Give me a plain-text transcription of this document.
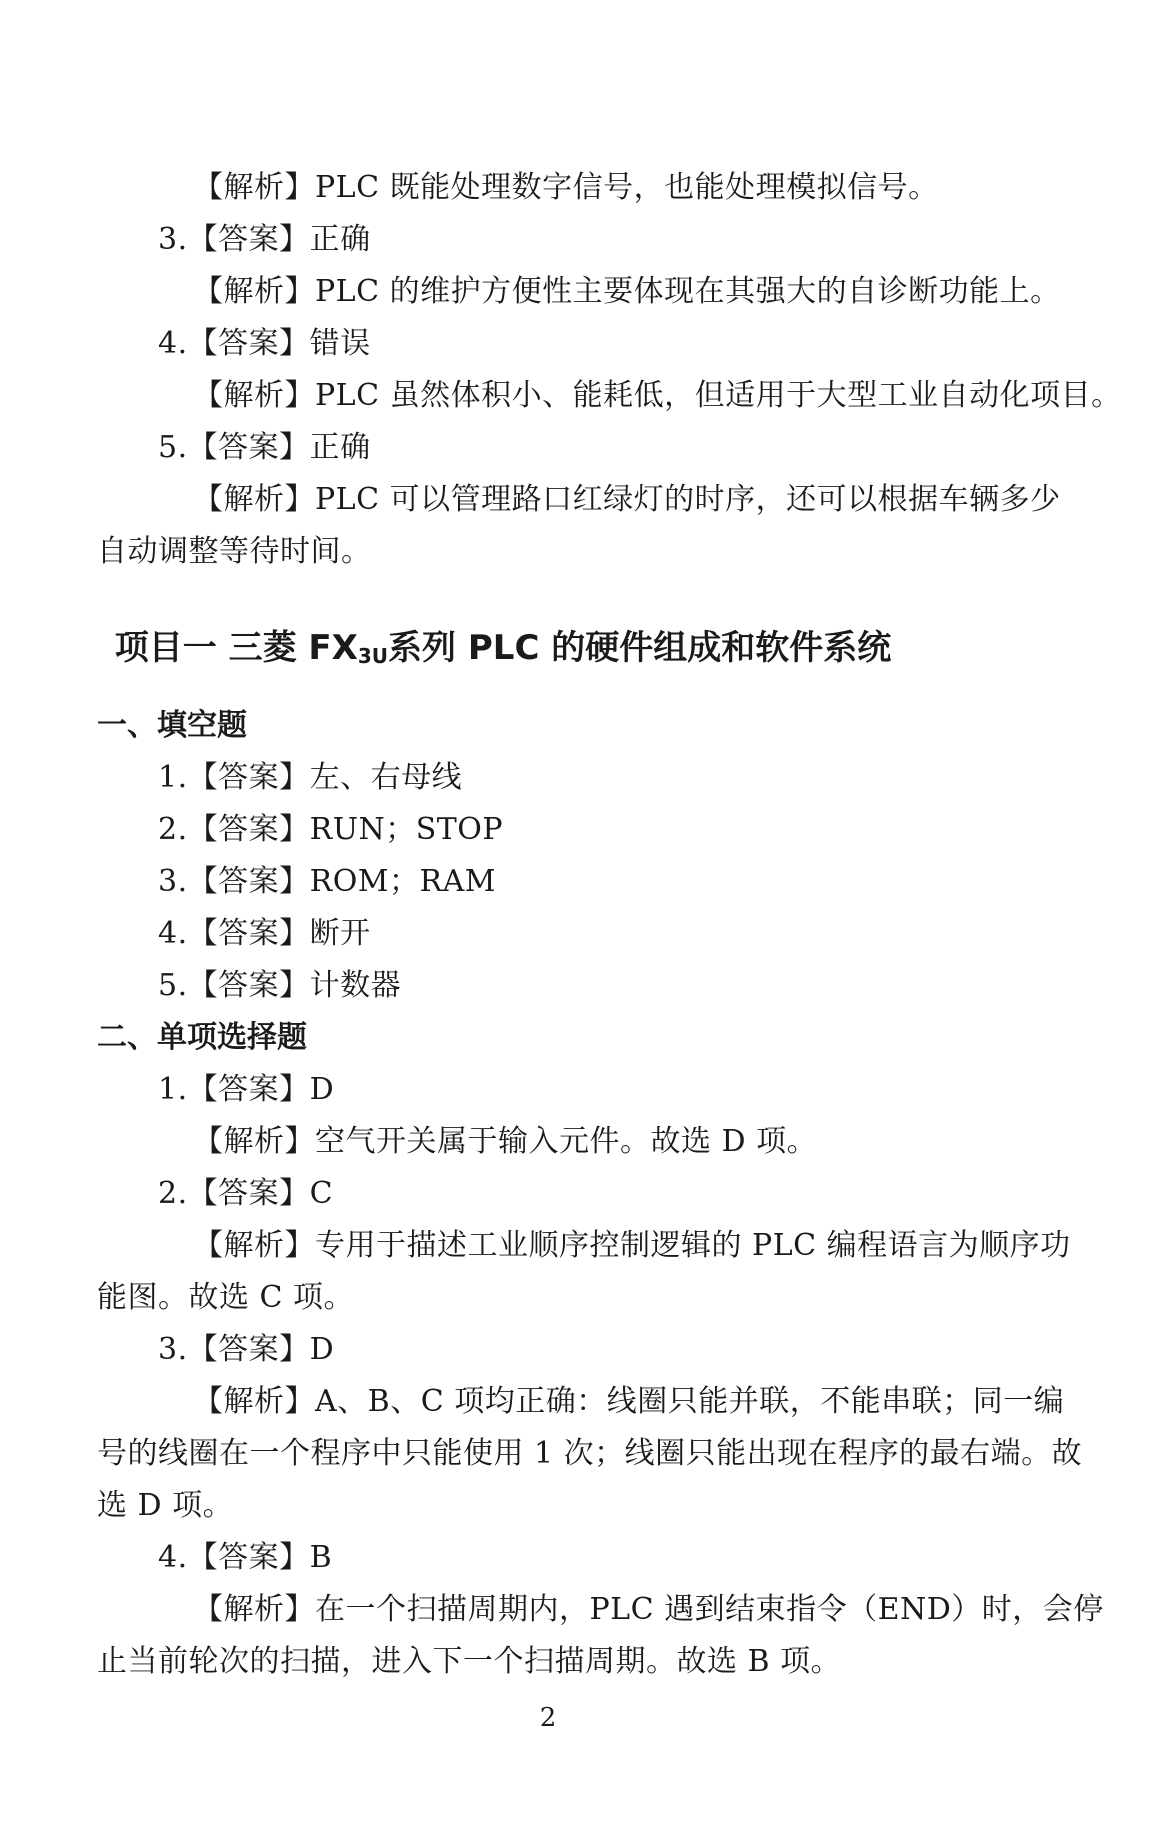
【解析】PLC 既能处理数字信号，也能处理模拟信号。
3.【答案】正确
【解析】PLC 的维护方便性主要体现在其强大的自诊断功能上。
4.【答案】错误
【解析】PLC 虽然体积小、能耗低，但适用于大型工业自动化项目。
5.【答案】正确
【解析】PLC 可以管理路口红绿灯的时序，还可以根据车辆多少
自动调整等待时间。
项目一 三菱 $FX_{3U}$系列 PLC 的硬件组成和软件系统
一、填空题
1.【答案】左、右母线
2.【答案】RUN；STOP
3.【答案】ROM；RAM
4.【答案】断开
5.【答案】计数器
二、单项选择题
1.【答案】D
【解析】空气开关属于输入元件。故选 D 项。
2.【答案】C
【解析】专用于描述工业顺序控制逻辑的 PLC 编程语言为顺序功
能图。故选 C 项。
3.【答案】D
【解析】A、B、C 项均正确：线圈只能并联，不能串联；同一编
号的线圈在一个程序中只能使用 1 次；线圈只能出现在程序的最右端。故
选 D 项。
4.【答案】B
【解析】在一个扫描周期内，PLC 遇到结束指令（END）时，会停
止当前轮次的扫描，进入下一个扫描周期。故选 B 项。
2
